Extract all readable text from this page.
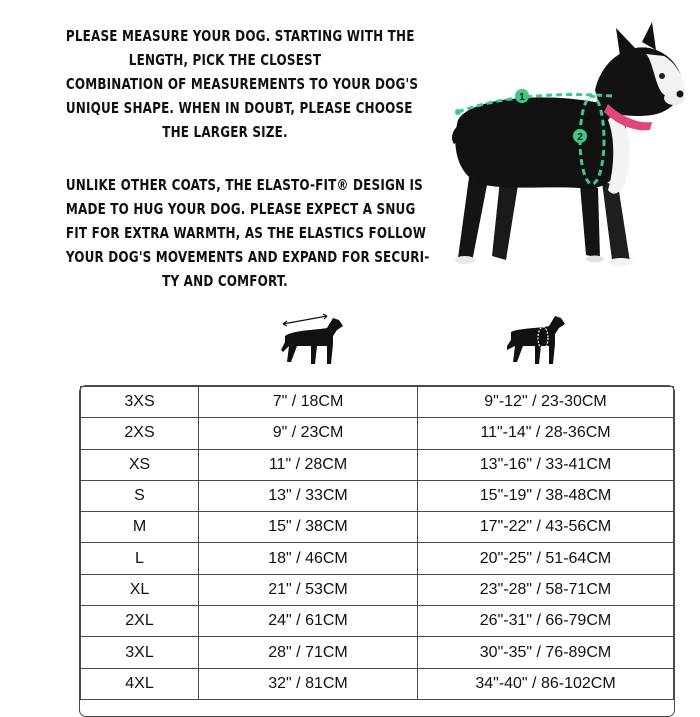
PLEASE MEASURE YOUR DOG. STARTING WITH THE
LENGTH, PICK THE CLOSEST
COMBINATION OF MEASUREMENTS TO YOUR DOG'S
UNIQUE SHAPE. WHEN IN DOUBT, PLEASE CHOOSE
THE LARGER SIZE.
UNLIKE OTHER COATS, THE ELASTO-FIT® DESIGN IS
MADE TO HUG YOUR DOG. PLEASE EXPECT A SNUG
FIT FOR EXTRA WARMTH, AS THE ELASTICS FOLLOW
YOUR DOG'S MOVEMENTS AND EXPAND FOR SECURI-
TY AND COMFORT.
1
2
3XS	7" / 18CM	9"-12" / 23-30CM
2XS	9" / 23CM	11"-14" / 28-36CM
XS	11" / 28CM	13"-16" / 33-41CM
S	13" / 33CM	15"-19" / 38-48CM
M	15" / 38CM	17"-22" / 43-56CM
L	18" / 46CM	20"-25" / 51-64CM
XL	21" / 53CM	23"-28" / 58-71CM
2XL	24" / 61CM	26"-31" / 66-79CM
3XL	28" / 71CM	30"-35" / 76-89CM
4XL	32" / 81CM	34"-40" / 86-102CM
